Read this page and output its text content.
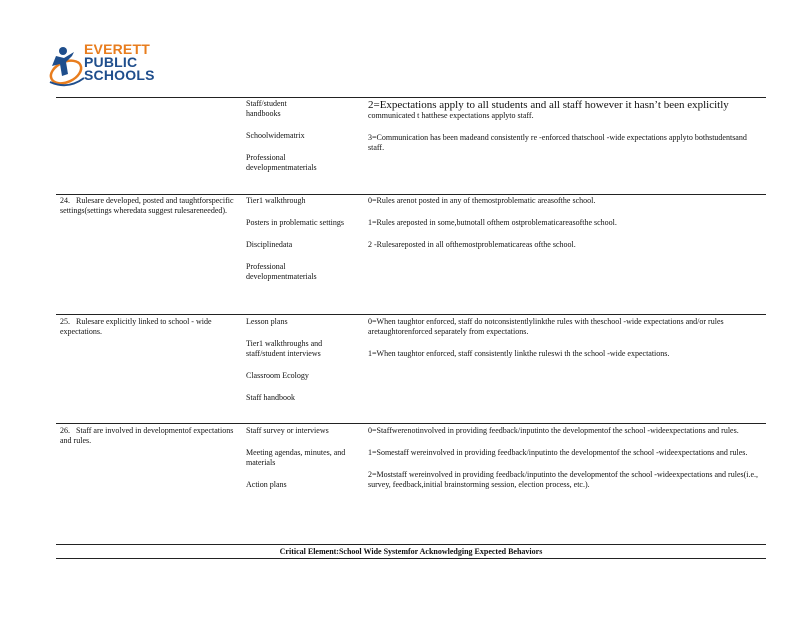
EVERETT
PUBLIC
SCHOOLS
Staff/student handbooks
Schoolwidematrix
Professional developmentmaterials
2=Expectations apply to all students and all staff however it hasn’t been explicitly
communicated t hatthese expectations applyto staff.
3=Communication has been madeand consistently re -enforced thatschool -wide expectations applyto bothstudentsand staff.
24. Rulesare developed, posted and taughtforspecific settings(settings wheredata suggest rulesareneeded).
Tier1 walkthrough
Posters in problematic settings
Disciplinedata
Professional developmentmaterials
0=Rules arenot posted in any of themostproblematic areasofthe school.
1=Rules areposted in some,butnotall ofthem ostproblematicareasofthe school.
2 -Rulesareposted in all ofthemostproblematicareas ofthe school.
25. Rulesare explicitly linked to school - wide expectations.
Lesson plans
Tier1 walkthroughs and staff/student interviews
Classroom Ecology
Staff handbook
0=When taughtor enforced, staff do notconsistentlylinkthe rules with theschool -wide expectations and/or rules aretaughtorenforced separately from expectations.
1=When taughtor enforced, staff consistently linkthe ruleswi th the school -wide expectations.
26. Staff are involved in developmentof expectations and rules.
Staff survey or interviews
Meeting agendas, minutes, and materials
Action plans
0=Staffwerenotinvolved in providing feedback/inputinto the developmentof the school -wideexpectations and rules.
1=Somestaff wereinvolved in providing feedback/inputinto the developmentof the school -wideexpectations and rules.
2=Moststaff wereinvolved in providing feedback/inputinto the developmentof the school -wideexpectations and rules(i.e., survey, feedback,initial brainstorming session, election process, etc.).
Critical Element:School Wide Systemfor Acknowledging Expected Behaviors
